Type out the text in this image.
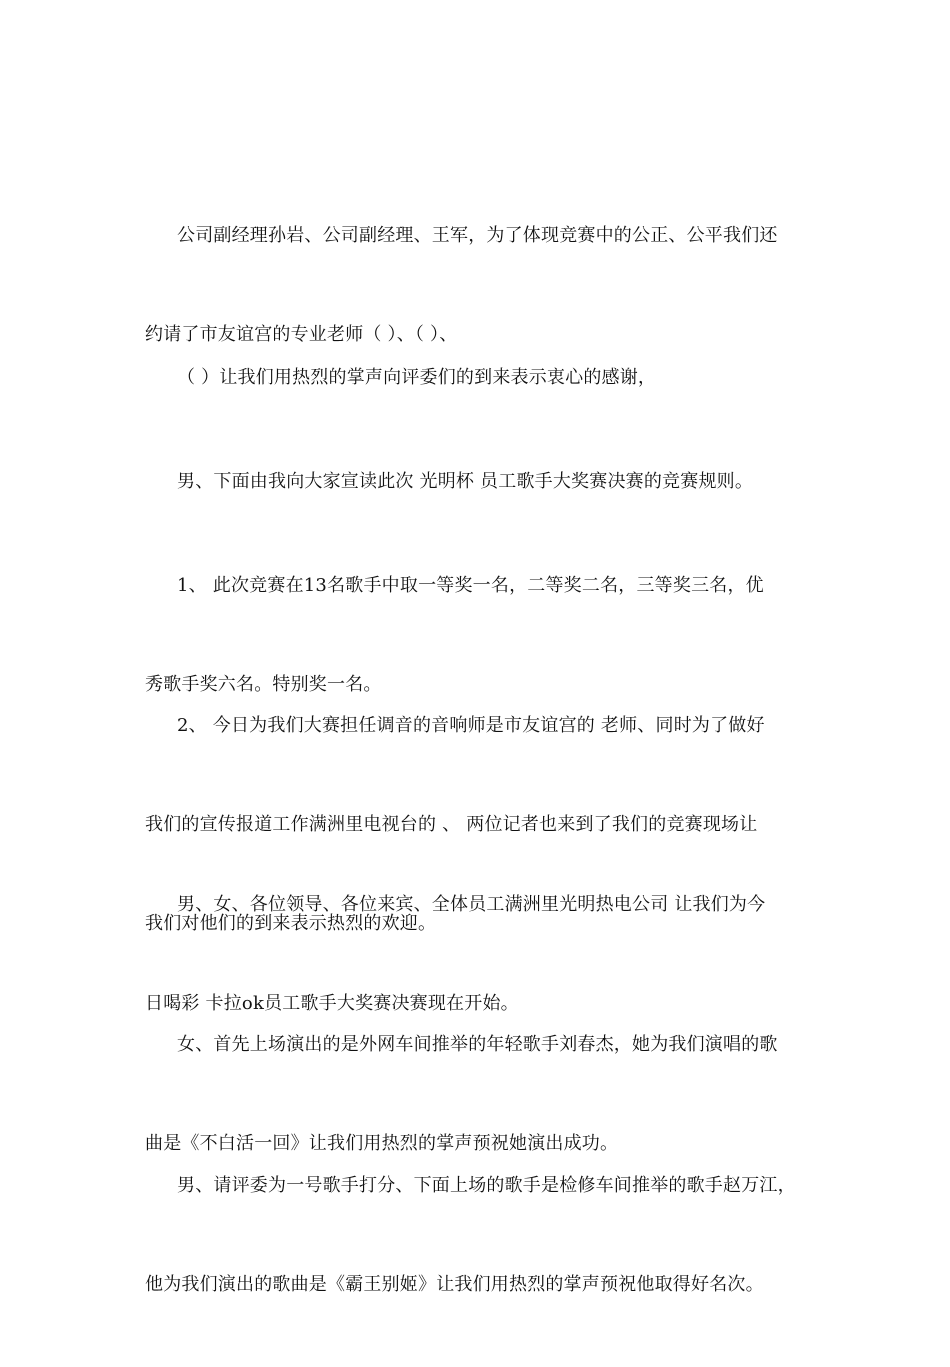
公司副经理孙岩、公司副经理、王军，为了体现竞赛中的公正、公平我们还

约请了市友谊宫的专业老师（ ）、（ ）、

（ ）让我们用热烈的掌声向评委们的到来表示衷心的感谢，

男、下面由我向大家宣读此次 光明杯 员工歌手大奖赛决赛的竞赛规则。

1、 此次竞赛在13名歌手中取一等奖一名，二等奖二名，三等奖三名，优

秀歌手奖六名。特别奖一名。

2、 今日为我们大赛担任调音的音响师是市友谊宫的 老师、同时为了做好

我们的宣传报道工作满洲里电视台的 、 两位记者也来到了我们的竞赛现场让

我们对他们的到来表示热烈的欢迎。

男、女、各位领导、各位来宾、全体员工满洲里光明热电公司 让我们为今

日喝彩 卡拉ok员工歌手大奖赛决赛现在开始。

女、首先上场演出的是外网车间推举的年轻歌手刘春杰，她为我们演唱的歌

曲是《不白活一回》让我们用热烈的掌声预祝她演出成功。

男、请评委为一号歌手打分、下面上场的歌手是检修车间推举的歌手赵万江，

他为我们演出的歌曲是《霸王别姬》让我们用热烈的掌声预祝他取得好名次。
